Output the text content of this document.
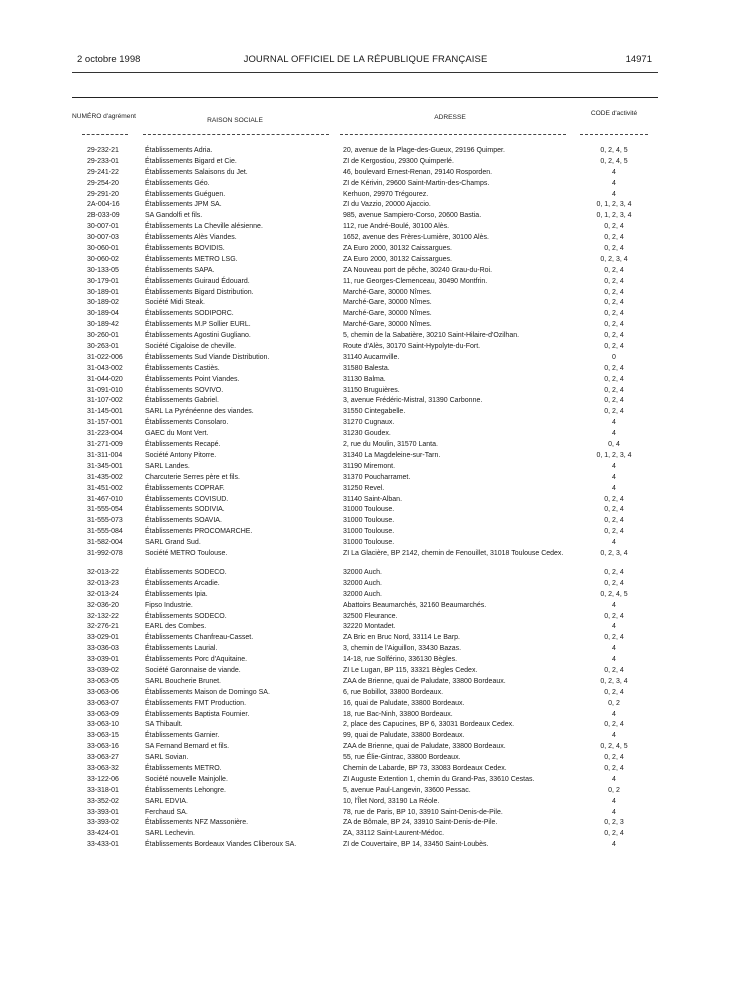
2 octobre 1998	JOURNAL OFFICIEL DE LA RÉPUBLIQUE FRANÇAISE	14971
NUMÉRO d'agrément
RAISON SOCIALE	ADRESSE
CODE d'activité
29-232-21	Établissements Adria.	20, avenue de la Plage-des-Gueux, 29196 Quimper.	0, 2, 4, 5
29-233-01	Établissements Bigard et Cie.	ZI de Kergostiou, 29300 Quimperlé.	0, 2, 4, 5
29-241-22	Établissements Salaisons du Jet.	46, boulevard Ernest-Renan, 29140 Rosporden.	4
29-254-20	Établissements Géo.	ZI de Kérivin, 29600 Saint-Martin-des-Champs.	4
29-291-20	Établissements Guéguen.	Kerhuon, 29970 Trégourez.	4
2A-004-16	Établissements JPM SA.	ZI du Vazzio, 20000 Ajaccio.	0, 1, 2, 3, 4
2B-033-09	SA Gandolfi et fils.	985, avenue Sampiero-Corso, 20600 Bastia.	0, 1, 2, 3, 4
30-007-01	Établissements La Cheville alésienne.	112, rue André-Boulé, 30100 Alès.	0, 2, 4
30-007-03	Établissements Alès Viandes.	1652, avenue des Frères-Lumière, 30100 Alès.	0, 2, 4
30-060-01	Établissements BOVIDIS.	ZA Euro 2000, 30132 Caissargues.	0, 2, 4
30-060-02	Établissements METRO LSG.	ZA Euro 2000, 30132 Caissargues.	0, 2, 3, 4
30-133-05	Établissements SAPA.	ZA Nouveau port de pêche, 30240 Grau-du-Roi.	0, 2, 4
30-179-01	Établissements Guiraud Édouard.	11, rue Georges-Clemenceau, 30490 Montfrin.	0, 2, 4
30-189-01	Établissements Bigard Distribution.	Marché-Gare, 30000 Nîmes.	0, 2, 4
30-189-02	Société Midi Steak.	Marché-Gare, 30000 Nîmes.	0, 2, 4
30-189-04	Établissements SODIPORC.	Marché-Gare, 30000 Nîmes.	0, 2, 4
30-189-42	Établissements M.P Sollier EURL.	Marché-Gare, 30000 Nîmes.	0, 2, 4
30-260-01	Établissements Agostini Gugliano.	5, chemin de la Sabatière, 30210 Saint-Hilaire-d'Ozilhan.	0, 2, 4
30-263-01	Société Cigaloise de cheville.	Route d'Alès, 30170 Saint-Hypolyte-du-Fort.	0, 2, 4
31-022-006	Établissements Sud Viande Distribution.	31140 Aucamville.	0
31-043-002	Établissements Castiès.	31580 Balesta.	0, 2, 4
31-044-020	Établissements Point Viandes.	31130 Balma.	0, 2, 4
31-091-010	Établissements SOVIVO.	31150 Bruguières.	0, 2, 4
31-107-002	Établissements Gabriel.	3, avenue Frédéric-Mistral, 31390 Carbonne.	0, 2, 4
31-145-001	SARL La Pyrénéenne des viandes.	31550 Cintegabelle.	0, 2, 4
31-157-001	Établissements Consolaro.	31270 Cugnaux.	4
31-223-004	GAEC du Mont Vert.	31230 Goudex.	4
31-271-009	Établissements Recapé.	2, rue du Moulin, 31570 Lanta.	0, 4
31-311-004	Société Antony Pitorre.	31340 La Magdeleine-sur-Tarn.	0, 1, 2, 3, 4
31-345-001	SARL Landes.	31190 Miremont.	4
31-435-002	Charcuterie Serres père et fils.	31370 Poucharramet.	4
31-451-002	Établissements COPRAF.	31250 Revel.	4
31-467-010	Établissements COVISUD.	31140 Saint-Alban.	0, 2, 4
31-555-054	Établissements SODIVIA.	31000 Toulouse.	0, 2, 4
31-555-073	Établissements SOAVIA.	31000 Toulouse.	0, 2, 4
31-555-084	Établissements PROCOMARCHE.	31000 Toulouse.	0, 2, 4
31-582-004	SARL Grand Sud.	31000 Toulouse.	4
31-992-078	Société METRO Toulouse.	ZI La Glacière, BP 2142, chemin de Fenouillet, 31018 Toulouse Cedex.	0, 2, 3, 4
32-013-22	Établissements SODECO.	32000 Auch.	0, 2, 4
32-013-23	Établissements Arcadie.	32000 Auch.	0, 2, 4
32-013-24	Établissements Ipia.	32000 Auch.	0, 2, 4, 5
32-036-20	Fipso Industrie.	Abattoirs Beaumarchés, 32160 Beaumarchés.	4
32-132-22	Établissements SODECO.	32500 Fleurance.	0, 2, 4
32-276-21	EARL des Combes.	32220 Montadet.	4
33-029-01	Établissements Chanfreau-Casset.	ZA Bric en Bruc Nord, 33114 Le Barp.	0, 2, 4
33-036-03	Établissements Laurial.	3, chemin de l'Aiguillon, 33430 Bazas.	4
33-039-01	Établissements Porc d'Aquitaine.	14-18, rue Solférino, 336130 Bègles.	4
33-039-02	Société Garonnaise de viande.	ZI Le Lugan, BP 115, 33321 Bègles Cedex.	0, 2, 4
33-063-05	SARL Boucherie Brunet.	ZAA de Brienne, quai de Paludate, 33800 Bordeaux.	0, 2, 3, 4
33-063-06	Établissements Maison de Domingo SA.	6, rue Bobillot, 33800 Bordeaux.	0, 2, 4
33-063-07	Établissements FMT Production.	16, quai de Paludate, 33800 Bordeaux.	0, 2
33-063-09	Établissements Baptista Fournier.	18, rue Bac-Ninh, 33800 Bordeaux.	4
33-063-10	SA Thibault.	2, place des Capucines, BP 6, 33031 Bordeaux Cedex.	0, 2, 4
33-063-15	Établissements Garnier.	99, quai de Paludate, 33800 Bordeaux.	4
33-063-16	SA Fernand Bernard et fils.	ZAA de Brienne, quai de Paludate, 33800 Bordeaux.	0, 2, 4, 5
33-063-27	SARL Sovian.	55, rue Élie-Gintrac, 33800 Bordeaux.	0, 2, 4
33-063-32	Établissements METRO.	Chemin de Labarde, BP 73, 33083 Bordeaux Cedex.	0, 2, 4
33-122-06	Société nouvelle Mainjolle.	ZI Auguste Extention 1, chemin du Grand-Pas, 33610 Cestas.	4
33-318-01	Établissements Lehongre.	5, avenue Paul-Langevin, 33600 Pessac.	0, 2
33-352-02	SARL EDVIA.	10, l'Îlet Nord, 33190 La Réole.	4
33-393-01	Ferchaud SA.	78, rue de Paris, BP 10, 33910 Saint-Denis-de-Pile.	4
33-393-02	Établissements NFZ Massonière.	ZA de Bômale, BP 24, 33910 Saint-Denis-de-Pile.	0, 2, 3
33-424-01	SARL Lechevin.	ZA, 33112 Saint-Laurent-Médoc.	0, 2, 4
33-433-01	Établissements Bordeaux Viandes Cliberoux SA.	ZI de Couvertaire, BP 14, 33450 Saint-Loubès.	4
